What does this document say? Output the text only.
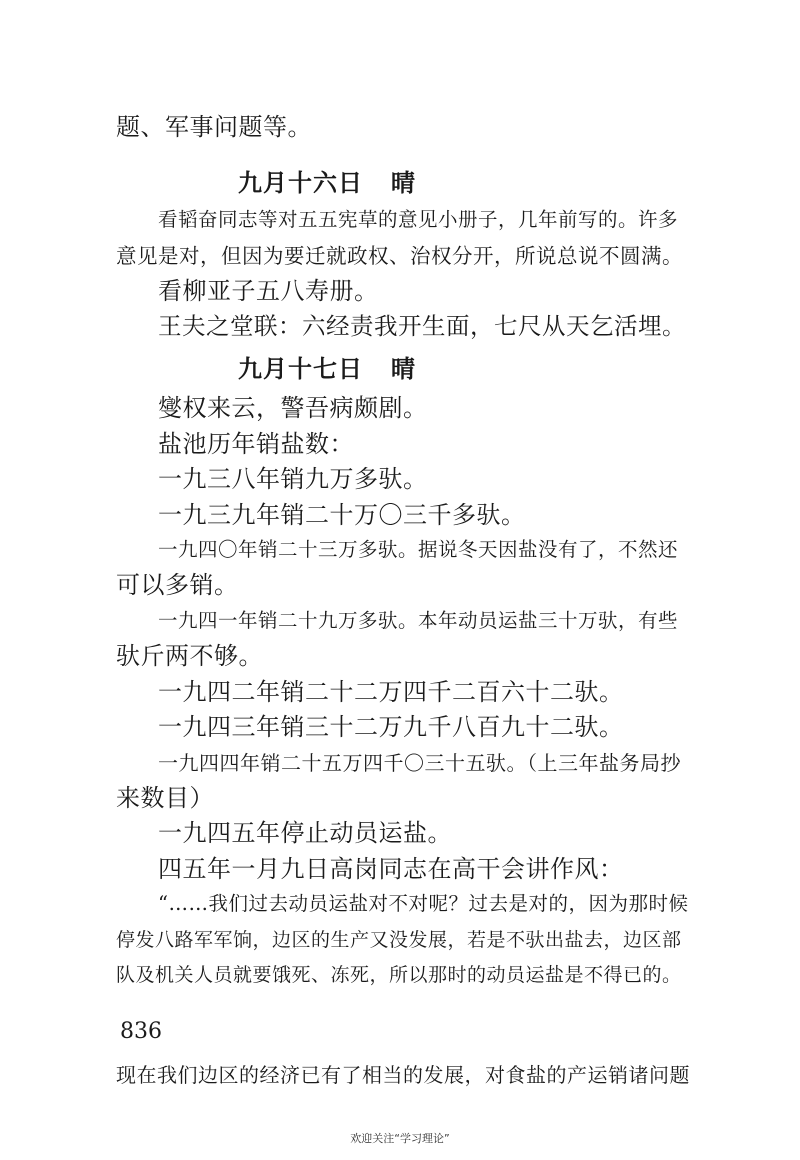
题、军事问题等。
九月十六日 晴
看韬奋同志等对五五宪草的意见小册子，几年前写的。许多
意见是对，但因为要迁就政权、治权分开，所说总说不圆满。
看柳亚子五八寿册。
王夫之堂联：六经责我开生面，七尺从天乞活埋。
九月十七日 晴
燮权来云，警吾病颇剧。
盐池历年销盐数：
一九三八年销九万多驮。
一九三九年销二十万〇三千多驮。
一九四〇年销二十三万多驮。据说冬天因盐没有了，不然还
可以多销。
一九四一年销二十九万多驮。本年动员运盐三十万驮，有些
驮斤两不够。
一九四二年销二十二万四千二百六十二驮。
一九四三年销三十二万九千八百九十二驮。
一九四四年销二十五万四千〇三十五驮。（上三年盐务局抄
来数目）
一九四五年停止动员运盐。
四五年一月九日高岗同志在高干会讲作风：
“……我们过去动员运盐对不对呢？过去是对的，因为那时候
停发八路军军饷，边区的生产又没发展，若是不驮出盐去，边区部
队及机关人员就要饿死、冻死，所以那时的动员运盐是不得已的。
现在我们边区的经济已有了相当的发展，对食盐的产运销诸问题
836
欢迎关注“学习理论”
